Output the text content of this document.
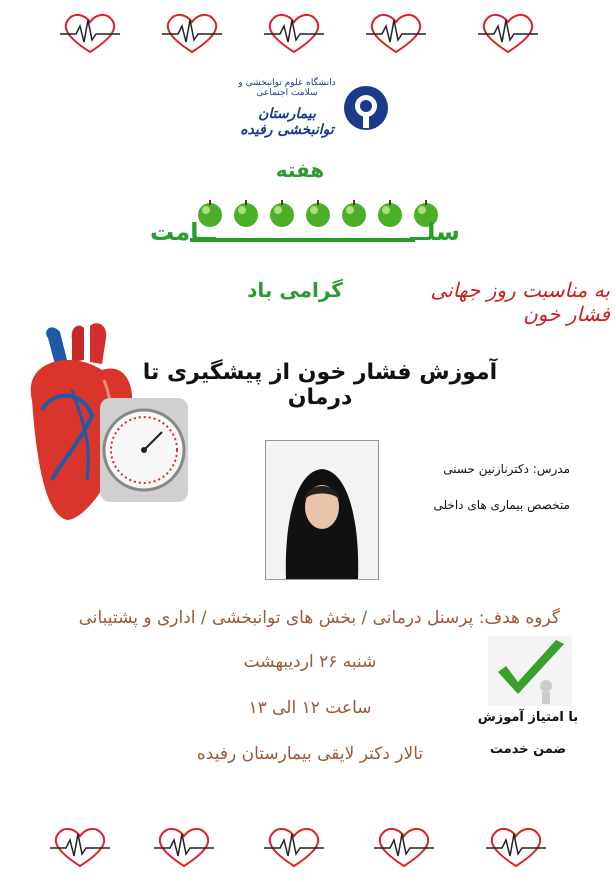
دانشگاه علوم توانبخشی و سلامت اجتماعی
بیمارستان توانبخشی رفیده
هفته
سلــ
ــامت
به مناسبت روز جهانی فشار خون
گرامی باد
آموزش فشار خون از پیشگیری تا درمان
مدرس: دکترنازنین حسنی
متخصص بیماری های داخلی
گروه هدف: پرسنل درمانی / بخش های توانبخشی / اداری و پشتیبانی
شنبه ۲۶ اردیبهشت
ساعت ۱۲ الی ۱۳
تالار دکتر لایقی بیمارستان رفیده
با امتیاز آموزش
ضمن خدمت
